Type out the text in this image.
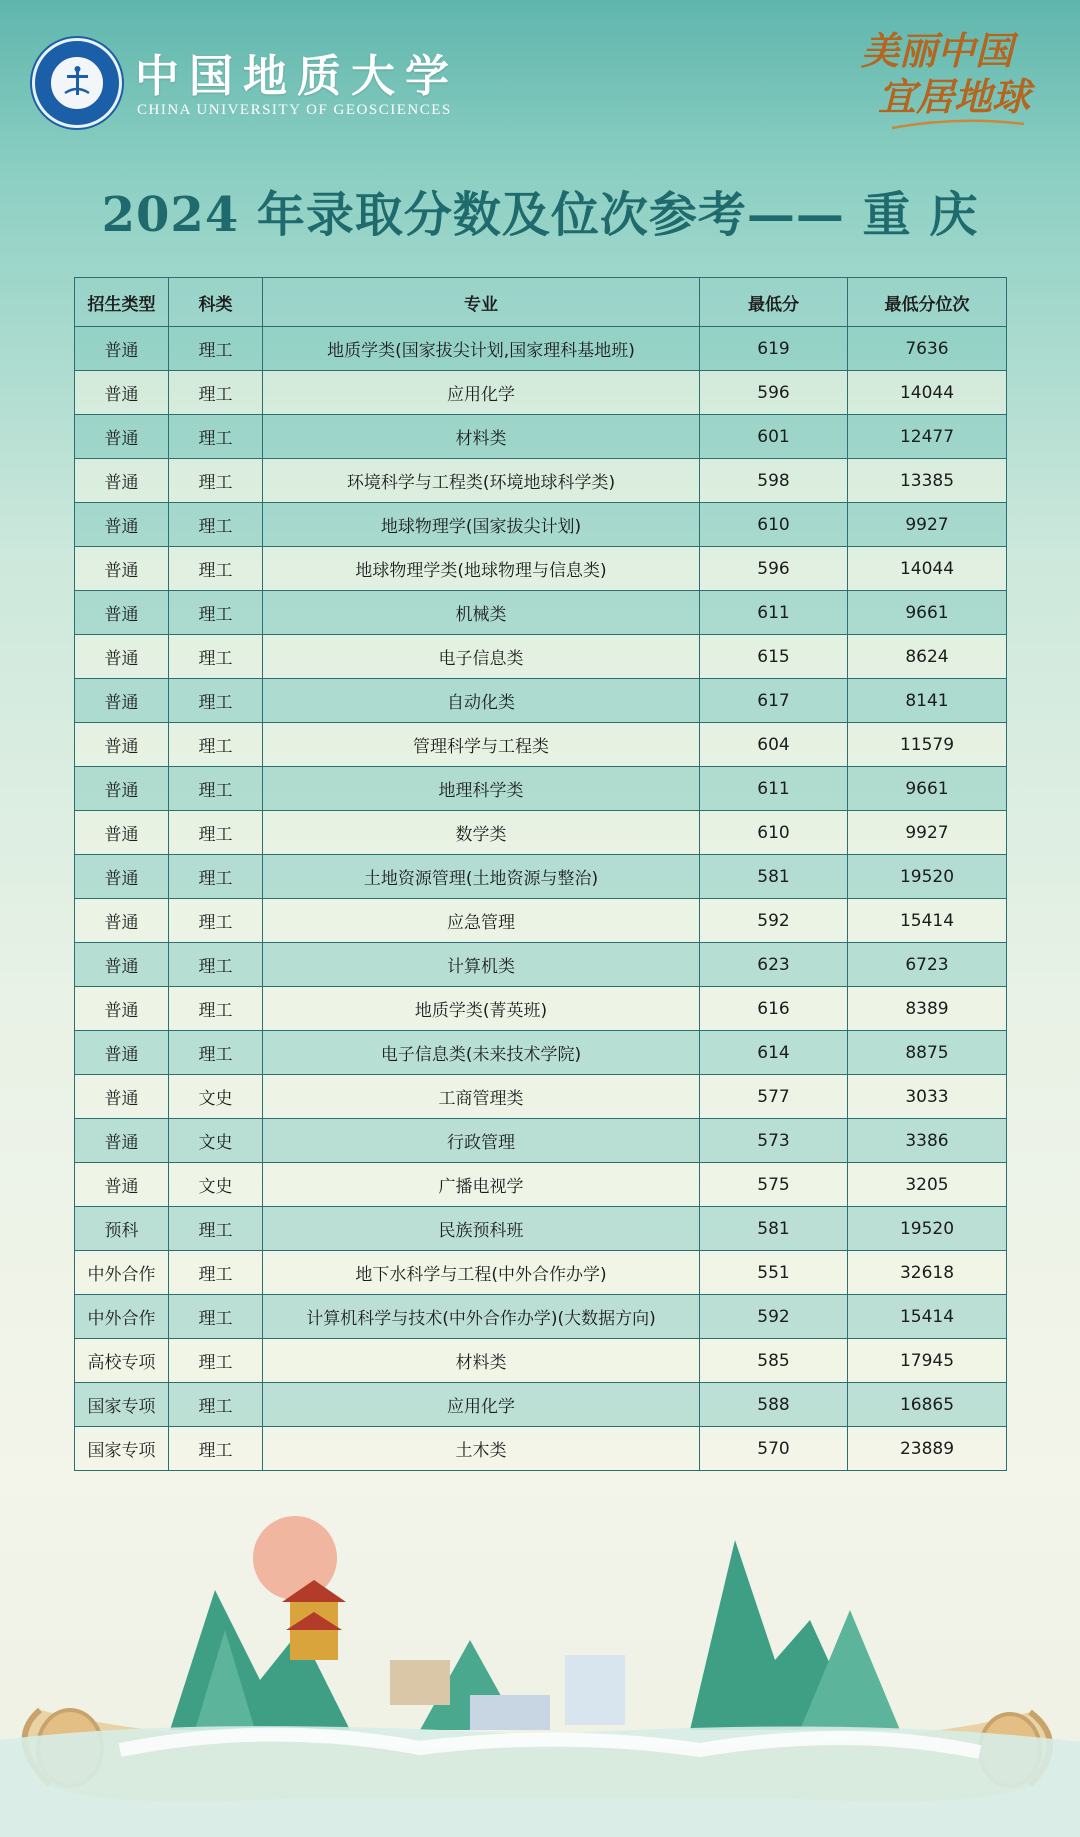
中国地质大学
CHINA UNIVERSITY OF GEOSCIENCES
美丽中国
宜居地球
2024 年录取分数及位次参考—— 重 庆
招生类型	科类	专业	最低分	最低分位次
普通	理工	地质学类(国家拔尖计划,国家理科基地班)	619	7636
普通	理工	应用化学	596	14044
普通	理工	材料类	601	12477
普通	理工	环境科学与工程类(环境地球科学类)	598	13385
普通	理工	地球物理学(国家拔尖计划)	610	9927
普通	理工	地球物理学类(地球物理与信息类)	596	14044
普通	理工	机械类	611	9661
普通	理工	电子信息类	615	8624
普通	理工	自动化类	617	8141
普通	理工	管理科学与工程类	604	11579
普通	理工	地理科学类	611	9661
普通	理工	数学类	610	9927
普通	理工	土地资源管理(土地资源与整治)	581	19520
普通	理工	应急管理	592	15414
普通	理工	计算机类	623	6723
普通	理工	地质学类(菁英班)	616	8389
普通	理工	电子信息类(未来技术学院)	614	8875
普通	文史	工商管理类	577	3033
普通	文史	行政管理	573	3386
普通	文史	广播电视学	575	3205
预科	理工	民族预科班	581	19520
中外合作	理工	地下水科学与工程(中外合作办学)	551	32618
中外合作	理工	计算机科学与技术(中外合作办学)(大数据方向)	592	15414
高校专项	理工	材料类	585	17945
国家专项	理工	应用化学	588	16865
国家专项	理工	土木类	570	23889
